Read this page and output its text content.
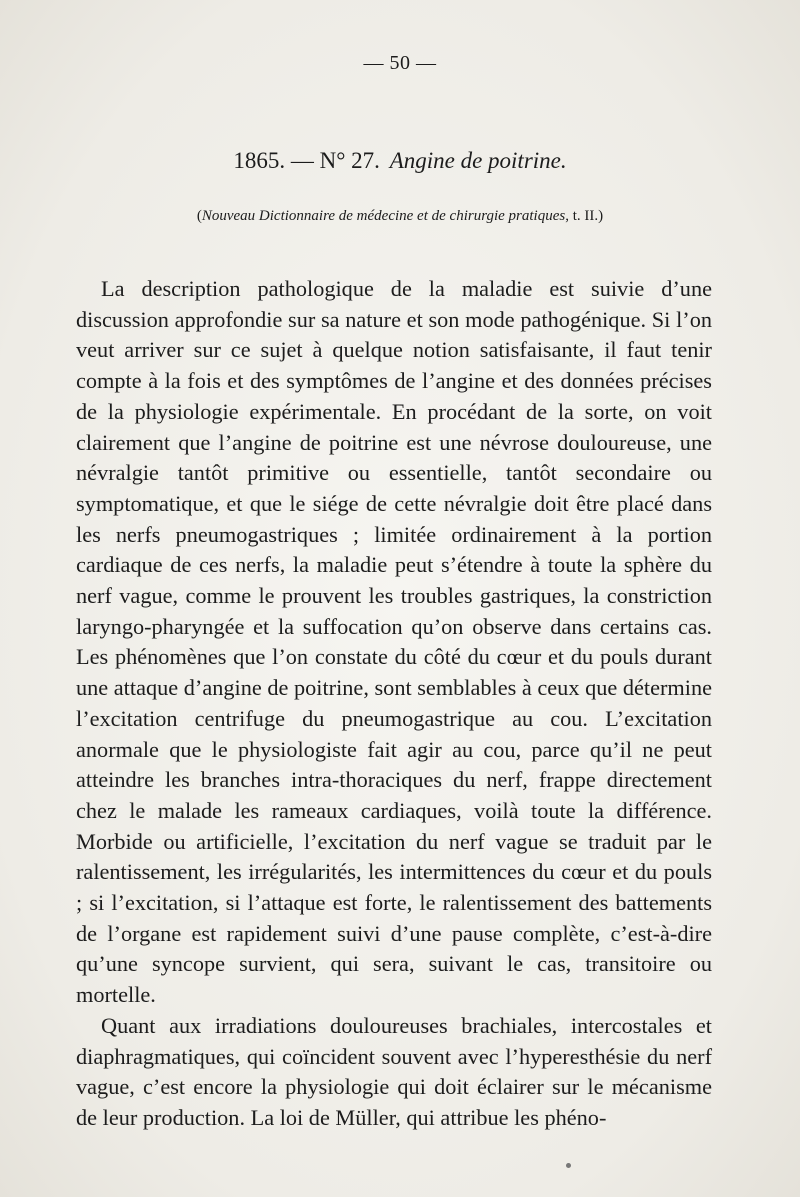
— 50 —
1865. — N° 27. Angine de poitrine.
(Nouveau Dictionnaire de médecine et de chirurgie pratiques, t. II.)

La description pathologique de la maladie est suivie d’une discussion approfondie sur sa nature et son mode pathogénique. Si l’on veut arriver sur ce sujet à quelque notion satisfaisante, il faut tenir compte à la fois et des symptômes de l’angine et des données précises de la physiologie expérimentale. En procédant de la sorte, on voit clairement que l’angine de poitrine est une névrose douloureuse, une névralgie tantôt primitive ou essentielle, tantôt secondaire ou symptomatique, et que le siége de cette névralgie doit être placé dans les nerfs pneumogastriques ; limitée ordinairement à la portion cardiaque de ces nerfs, la maladie peut s’étendre à toute la sphère du nerf vague, comme le prouvent les troubles gastriques, la constriction laryngo-pharyngée et la suffocation qu’on observe dans certains cas. Les phénomènes que l’on constate du côté du cœur et du pouls durant une attaque d’angine de poitrine, sont semblables à ceux que détermine l’excitation centrifuge du pneumogastrique au cou. L’excitation anormale que le physiologiste fait agir au cou, parce qu’il ne peut atteindre les branches intra-thoraciques du nerf, frappe directement chez le malade les rameaux cardiaques, voilà toute la différence. Morbide ou artificielle, l’excitation du nerf vague se traduit par le ralentissement, les irrégularités, les intermittences du cœur et du pouls ; si l’excitation, si l’attaque est forte, le ralentissement des battements de l’organe est rapidement suivi d’une pause complète, c’est-à-dire qu’une syncope survient, qui sera, suivant le cas, transitoire ou mortelle.

Quant aux irradiations douloureuses brachiales, intercostales et diaphragmatiques, qui coïncident souvent avec l’hyperesthésie du nerf vague, c’est encore la physiologie qui doit éclairer sur le mécanisme de leur production. La loi de Müller, qui attribue les phéno-
